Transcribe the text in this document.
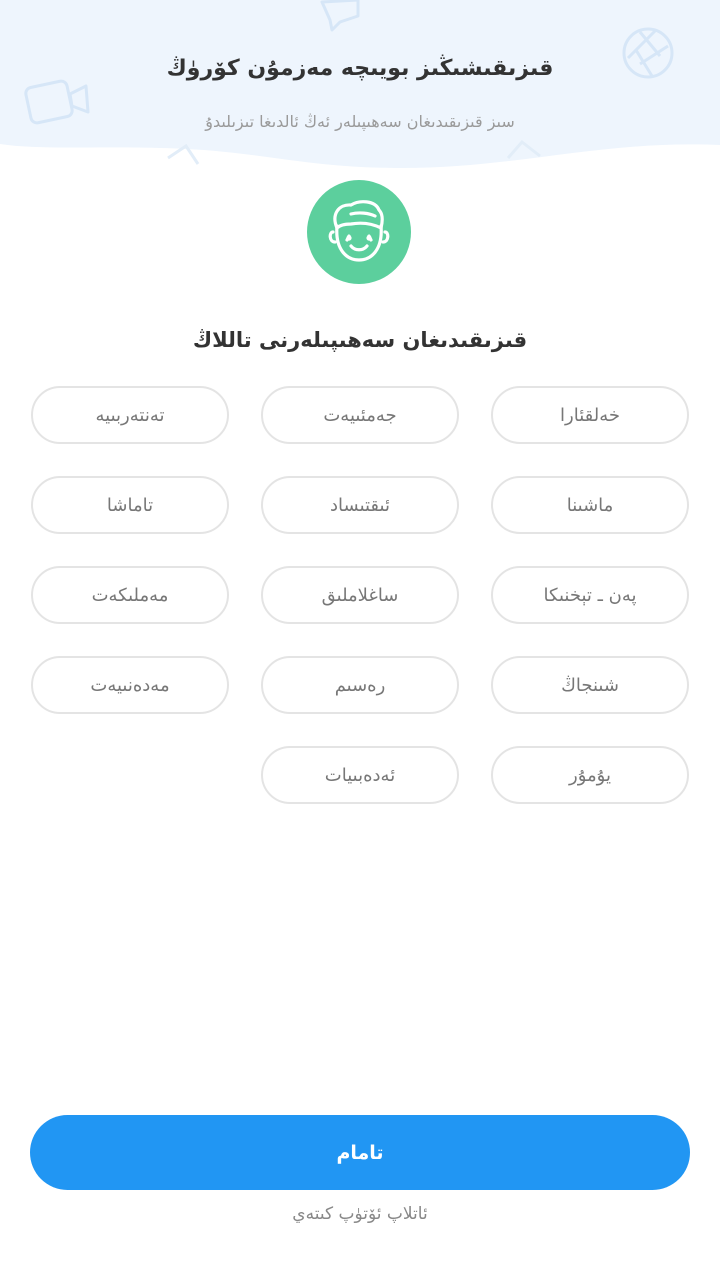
قىزىقىشىڭىز بويىچە مەزمۇن كۆرۈڭ
سىز قىزىقىدىغان سەھىپىلەر ئەڭ ئالدىغا تىزىلىدۇ
قىزىقىدىغان سەھىپىلەرنى تاللاڭ
خەلقئارا
جەمئىيەت
تەنتەربىيە
ماشىنا
ئىقتىساد
تاماشا
پەن ـ تېخنىكا
ساغلاملىق
مەملىكەت
شىنجاڭ
رەسىم
مەدەنىيەت
يۇمۇر
ئەدەبىيات
تامام
ئاتلاپ ئۆتۈپ كىتەي
